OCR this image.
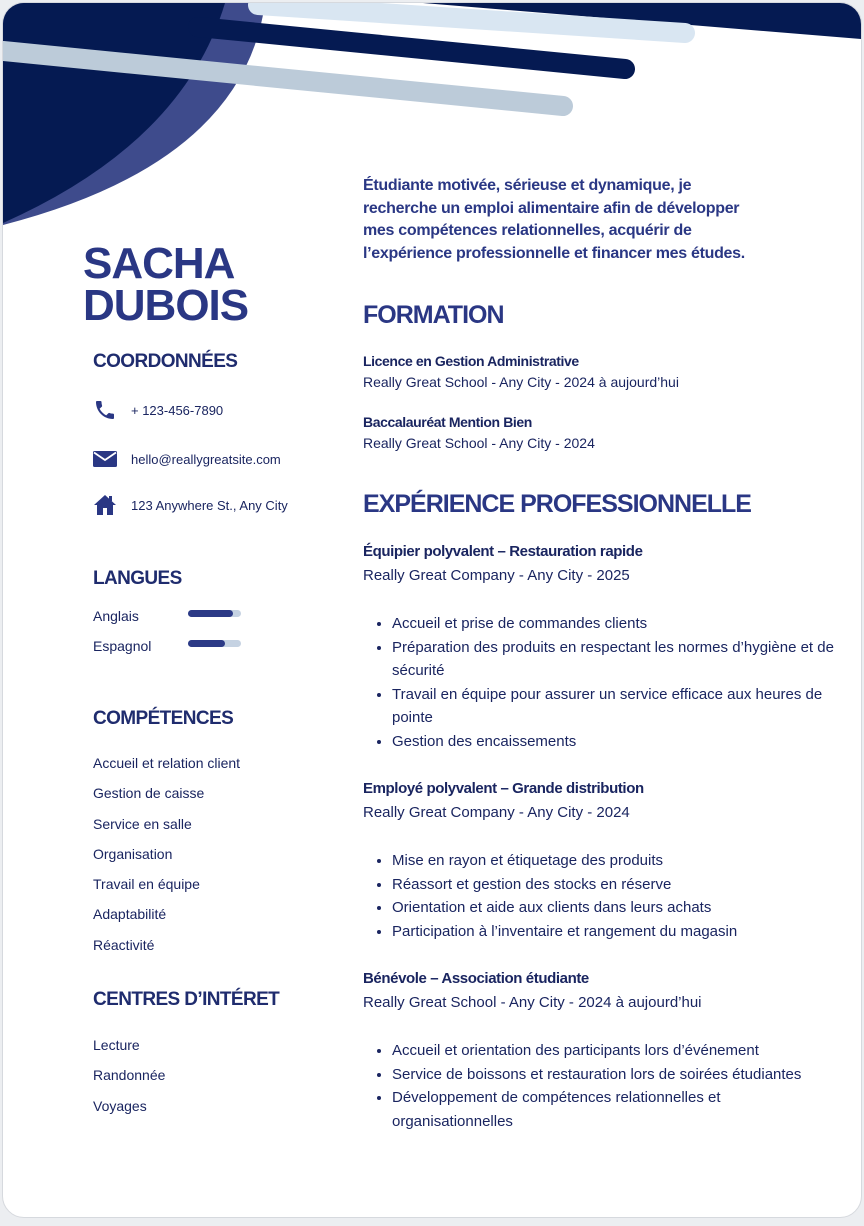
SACHA
DUBOIS
COORDONNÉES
+ 123-456-7890
hello@reallygreatsite.com
123 Anywhere St., Any City
LANGUES
Anglais
Espagnol
COMPÉTENCES
Accueil et relation client
Gestion de caisse
Service en salle
Organisation
Travail en équipe
Adaptabilité
Réactivité
CENTRES D’INTÉRET
Lecture
Randonnée
Voyages

Étudiante motivée, sérieuse et dynamique, je recherche un emploi alimentaire afin de développer mes compétences relationnelles, acquérir de l’expérience professionnelle et financer mes études.

FORMATION
Licence en Gestion Administrative
Really Great School - Any City - 2024 à aujourd’hui
Baccalauréat Mention Bien
Really Great School - Any City - 2024
EXPÉRIENCE PROFESSIONNELLE
Équipier polyvalent – Restauration rapide
Really Great Company - Any City - 2025
• Accueil et prise de commandes clients
• Préparation des produits en respectant les normes d’hygiène et de sécurité
• Travail en équipe pour assurer un service efficace aux heures de pointe
• Gestion des encaissements
Employé polyvalent – Grande distribution
Really Great Company - Any City - 2024
• Mise en rayon et étiquetage des produits
• Réassort et gestion des stocks en réserve
• Orientation et aide aux clients dans leurs achats
• Participation à l’inventaire et rangement du magasin
Bénévole – Association étudiante
Really Great School - Any City - 2024 à aujourd’hui
• Accueil et orientation des participants lors d’événement
• Service de boissons et restauration lors de soirées étudiantes
• Développement de compétences relationnelles et organisationnelles
